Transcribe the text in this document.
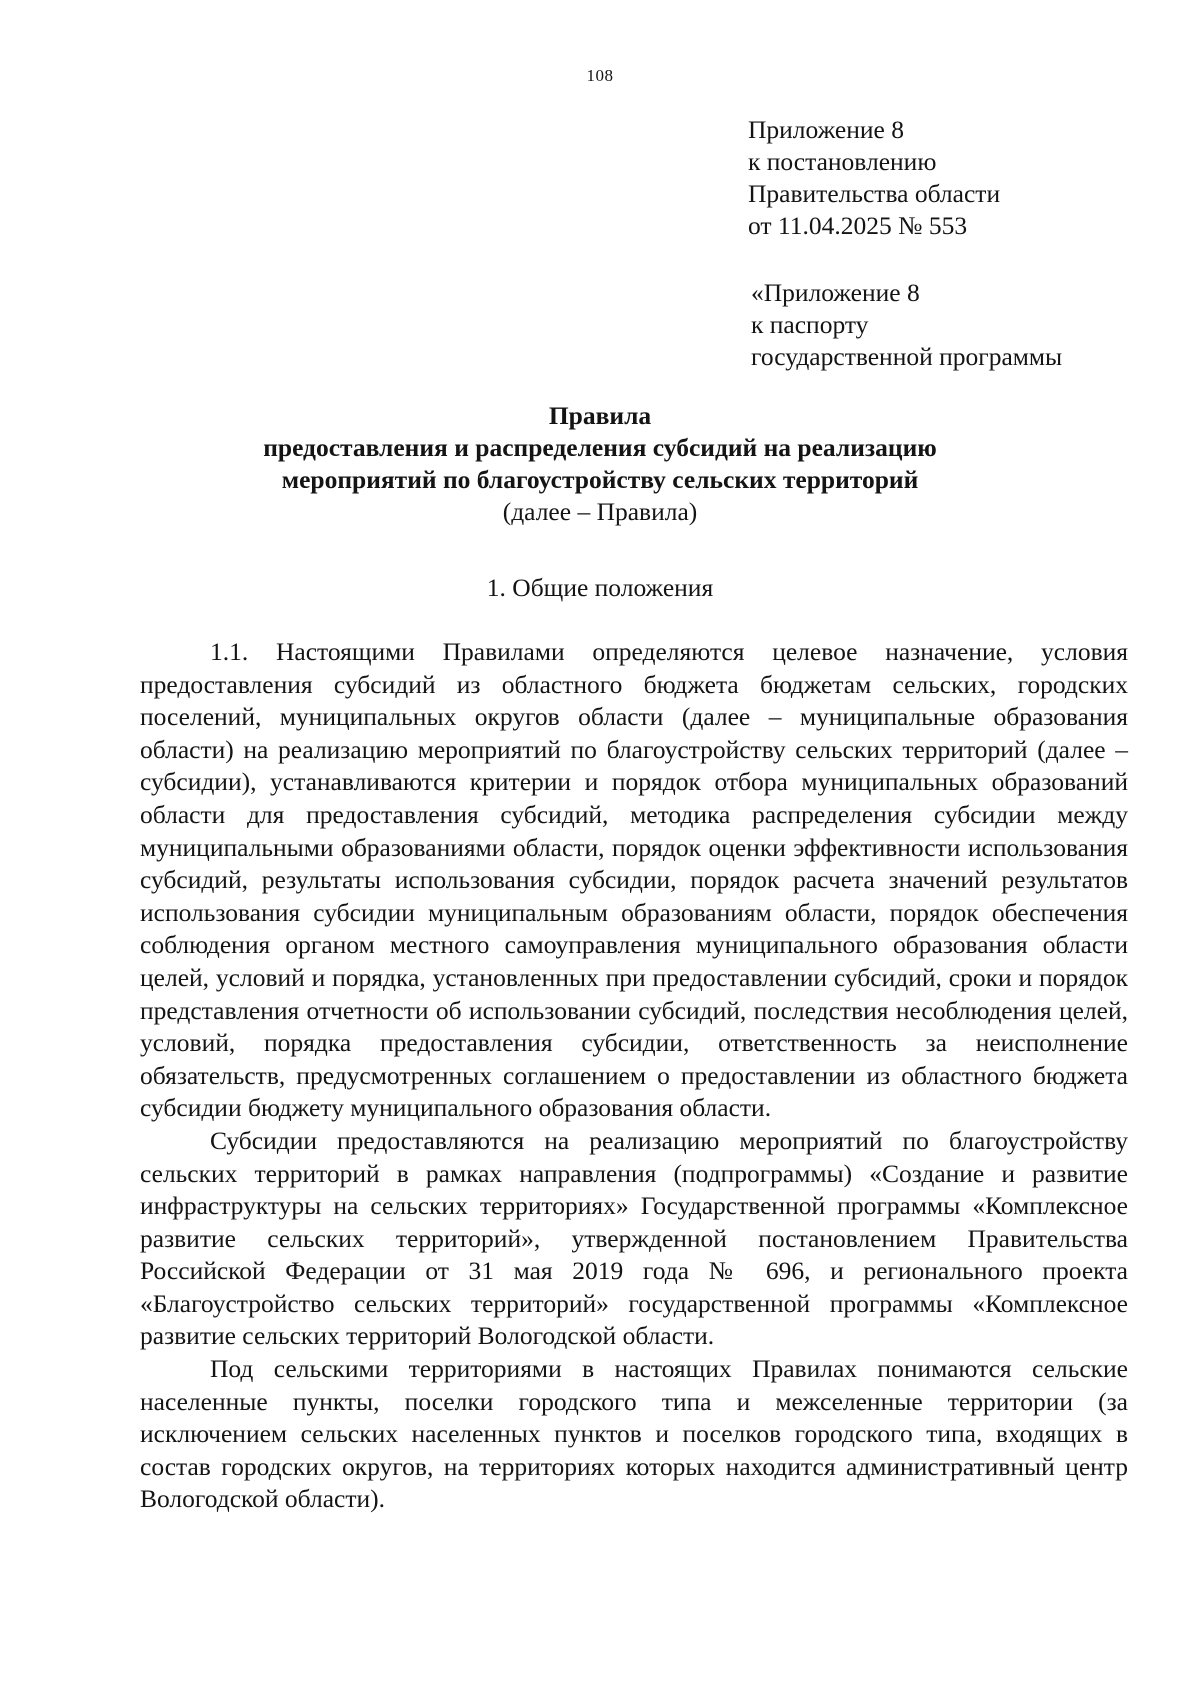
108
Приложение 8
к постановлению
Правительства области
от 11.04.2025 № 553
«Приложение 8
к паспорту
государственной программы
Правила
предоставления и распределения субсидий на реализацию
мероприятий по благоустройству сельских территорий
(далее – Правила)
1. Общие положения

1.1. Настоящими Правилами определяются целевое назначение, условия предоставления субсидий из областного бюджета бюджетам сельских, городских поселений, муниципальных округов области (далее – муниципальные образования области) на реализацию мероприятий по благоустройству сельских территорий (далее – субсидии), устанавливаются критерии и порядок отбора муниципальных образований области для предоставления субсидий, методика распределения субсидии между муниципальными образованиями области, порядок оценки эффективности использования субсидий, результаты использования субсидии, порядок расчета значений результатов использования субсидии муниципальным образованиям области, порядок обеспечения соблюдения органом местного самоуправления муниципального образования области целей, условий и порядка, установленных при предоставлении субсидий, сроки и порядок представления отчетности об использовании субсидий, последствия несоблюдения целей, условий, порядка предоставления субсидии, ответственность за неисполнение обязательств, предусмотренных соглашением о предоставлении из областного бюджета субсидии бюджету муниципального образования области.

Субсидии предоставляются на реализацию мероприятий по благоустройству сельских территорий в рамках направления (подпрограммы) «Создание и развитие инфраструктуры на сельских территориях» Государственной программы «Комплексное развитие сельских территорий», утвержденной постановлением Правительства Российской Федерации от 31 мая 2019 года № 696, и регионального проекта «Благоустройство сельских территорий» государственной программы «Комплексное развитие сельских территорий Вологодской области.

Под сельскими территориями в настоящих Правилах понимаются сельские населенные пункты, поселки городского типа и межселенные территории (за исключением сельских населенных пунктов и поселков городского типа, входящих в состав городских округов, на территориях которых находится административный центр Вологодской области).
